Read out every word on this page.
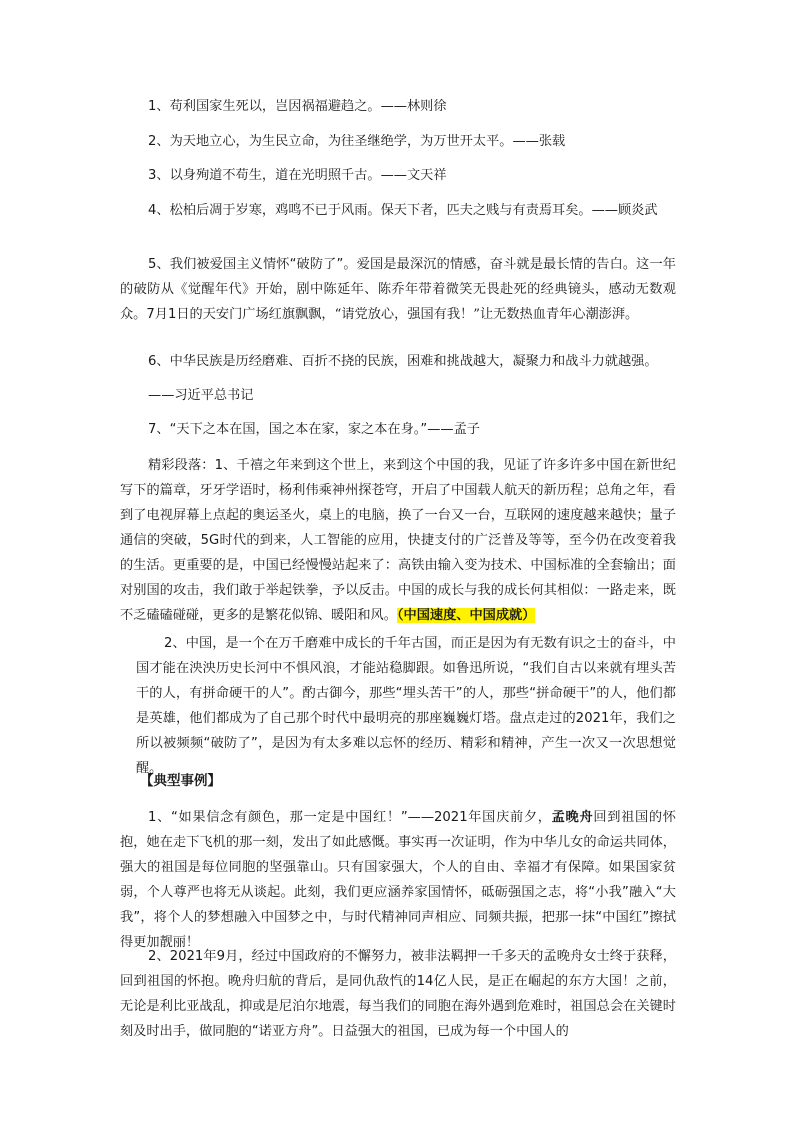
1、苟利国家生死以，岂因祸福避趋之。——林则徐

2、为天地立心，为生民立命，为往圣继绝学，为万世开太平。——张载

3、以身殉道不苟生，道在光明照千古。——文天祥

4、松柏后凋于岁寒，鸡鸣不已于风雨。保天下者，匹夫之贱与有责焉耳矣。——顾炎武

5、我们被爱国主义情怀“破防了”。爱国是最深沉的情感，奋斗就是最长情的告白。这一年的破防从《觉醒年代》开始，剧中陈延年、陈乔年带着微笑无畏赴死的经典镜头，感动无数观众。7月1日的天安门广场红旗飘飘，“请党放心，强国有我！”让无数热血青年心潮澎湃。

6、中华民族是历经磨难、百折不挠的民族，困难和挑战越大，凝聚力和战斗力就越强。

——习近平总书记

7、“天下之本在国，国之本在家，家之本在身。”——孟子

精彩段落：1、千禧之年来到这个世上，来到这个中国的我，见证了许多许多中国在新世纪写下的篇章，牙牙学语时，杨利伟乘神州探苍穹，开启了中国载人航天的新历程；总角之年，看到了电视屏幕上点起的奥运圣火，桌上的电脑，换了一台又一台，互联网的速度越来越快；量子通信的突破，5G时代的到来，人工智能的应用，快捷支付的广泛普及等等，至今仍在改变着我的生活。更重要的是，中国已经慢慢站起来了：高铁由输入变为技术、中国标准的全套输出；面对别国的攻击，我们敢于举起铁拳，予以反击。中国的成长与我的成长何其相似：一路走来，既不乏磕磕碰碰，更多的是繁花似锦、暖阳和风。（中国速度、中国成就）

2、中国，是一个在万千磨难中成长的千年古国，而正是因为有无数有识之士的奋斗，中国才能在泱泱历史长河中不惧风浪，才能站稳脚跟。如鲁迅所说，“我们自古以来就有埋头苦干的人，有拼命硬干的人”。酌古御今，那些“埋头苦干”的人，那些“拼命硬干”的人，他们都是英雄，他们都成为了自己那个时代中最明亮的那座巍巍灯塔。盘点走过的2021年，我们之所以被频频“破防了”，是因为有太多难以忘怀的经历、精彩和精神，产生一次又一次思想觉醒。

【典型事例】

1、“如果信念有颜色，那一定是中国红！”——2021年国庆前夕，孟晚舟回到祖国的怀抱，她在走下飞机的那一刻，发出了如此感慨。事实再一次证明，作为中华儿女的命运共同体，强大的祖国是每位同胞的坚强靠山。只有国家强大，个人的自由、幸福才有保障。如果国家贫弱，个人尊严也将无从谈起。此刻，我们更应涵养家国情怀，砥砺强国之志，将“小我”融入“大我”，将个人的梦想融入中国梦之中，与时代精神同声相应、同频共振，把那一抹“中国红”擦拭得更加靓丽！

2、2021年9月，经过中国政府的不懈努力，被非法羁押一千多天的孟晚舟女士终于获释，回到祖国的怀抱。晚舟归航的背后，是同仇敌忾的14亿人民，是正在崛起的东方大国！之前，无论是利比亚战乱，抑或是尼泊尔地震，每当我们的同胞在海外遇到危难时，祖国总会在关键时刻及时出手，做同胞的“诺亚方舟”。日益强大的祖国，已成为每一个中国人的
